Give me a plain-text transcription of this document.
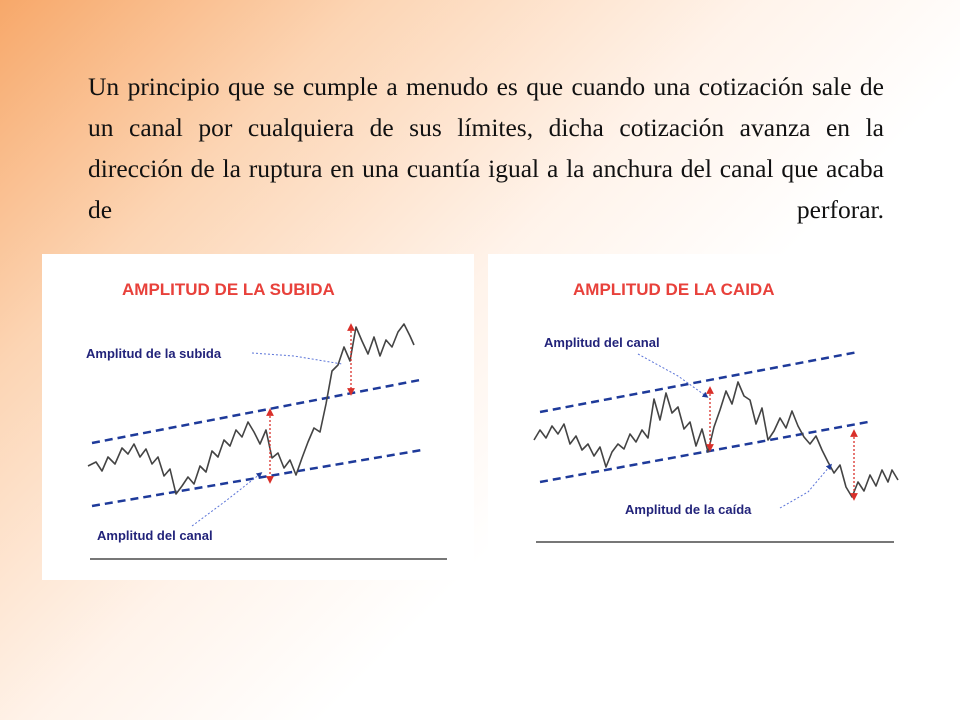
Un principio que se cumple a menudo es que cuando una cotización sale de un canal por cualquiera de sus límites, dicha cotización avanza en la dirección de la ruptura en una cuantía igual a la anchura del canal que acaba de perforar.

AMPLITUD DE LA SUBIDA
Amplitud de la subida
Amplitud del canal
AMPLITUD DE LA CAIDA
Amplitud del canal
Amplitud de la caída
